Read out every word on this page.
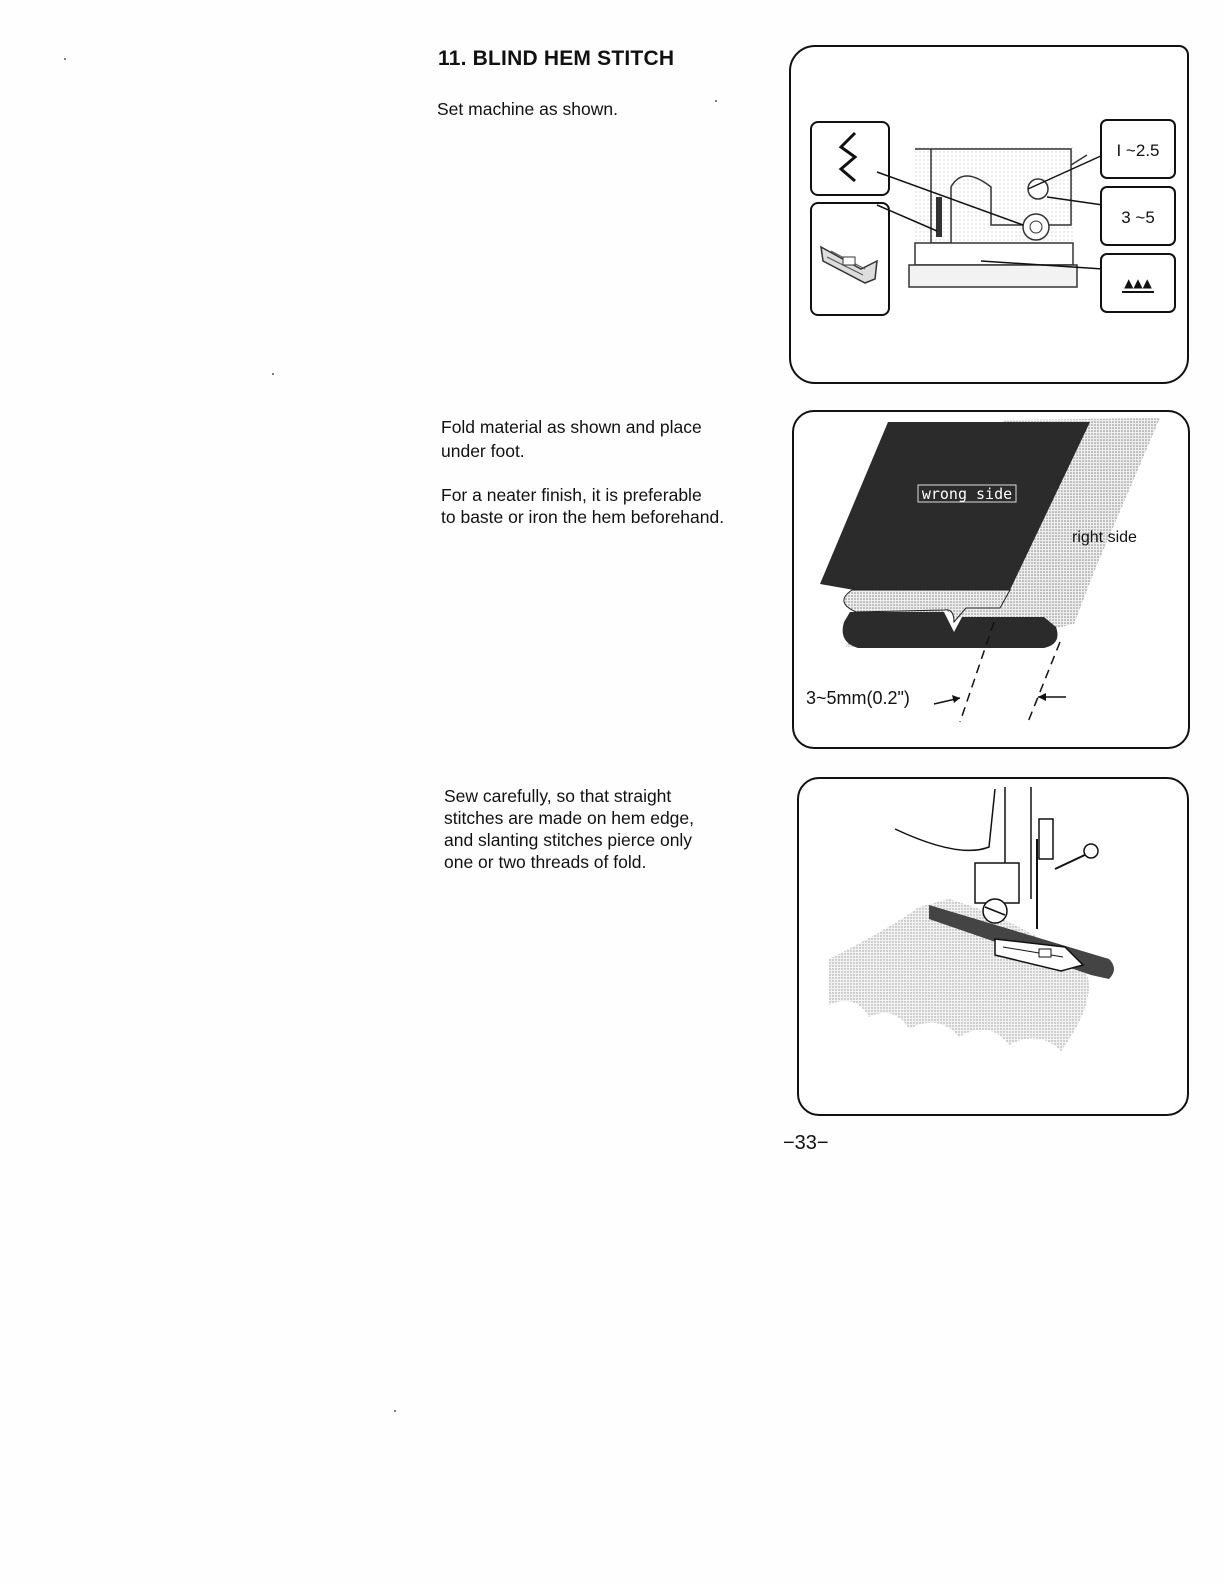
11. BLIND HEM STITCH

Set machine as shown.

Fold material as shown and place

under foot.

For a neater finish, it is preferable

to baste or iron the hem beforehand.

Sew carefully, so that straight

stitches are made on hem edge,

and slanting stitches pierce only

one or two threads of fold.

I ~2.5
3 ~5
▲▲▲
wrong side
right side
3~5mm(0.2")
−33−
